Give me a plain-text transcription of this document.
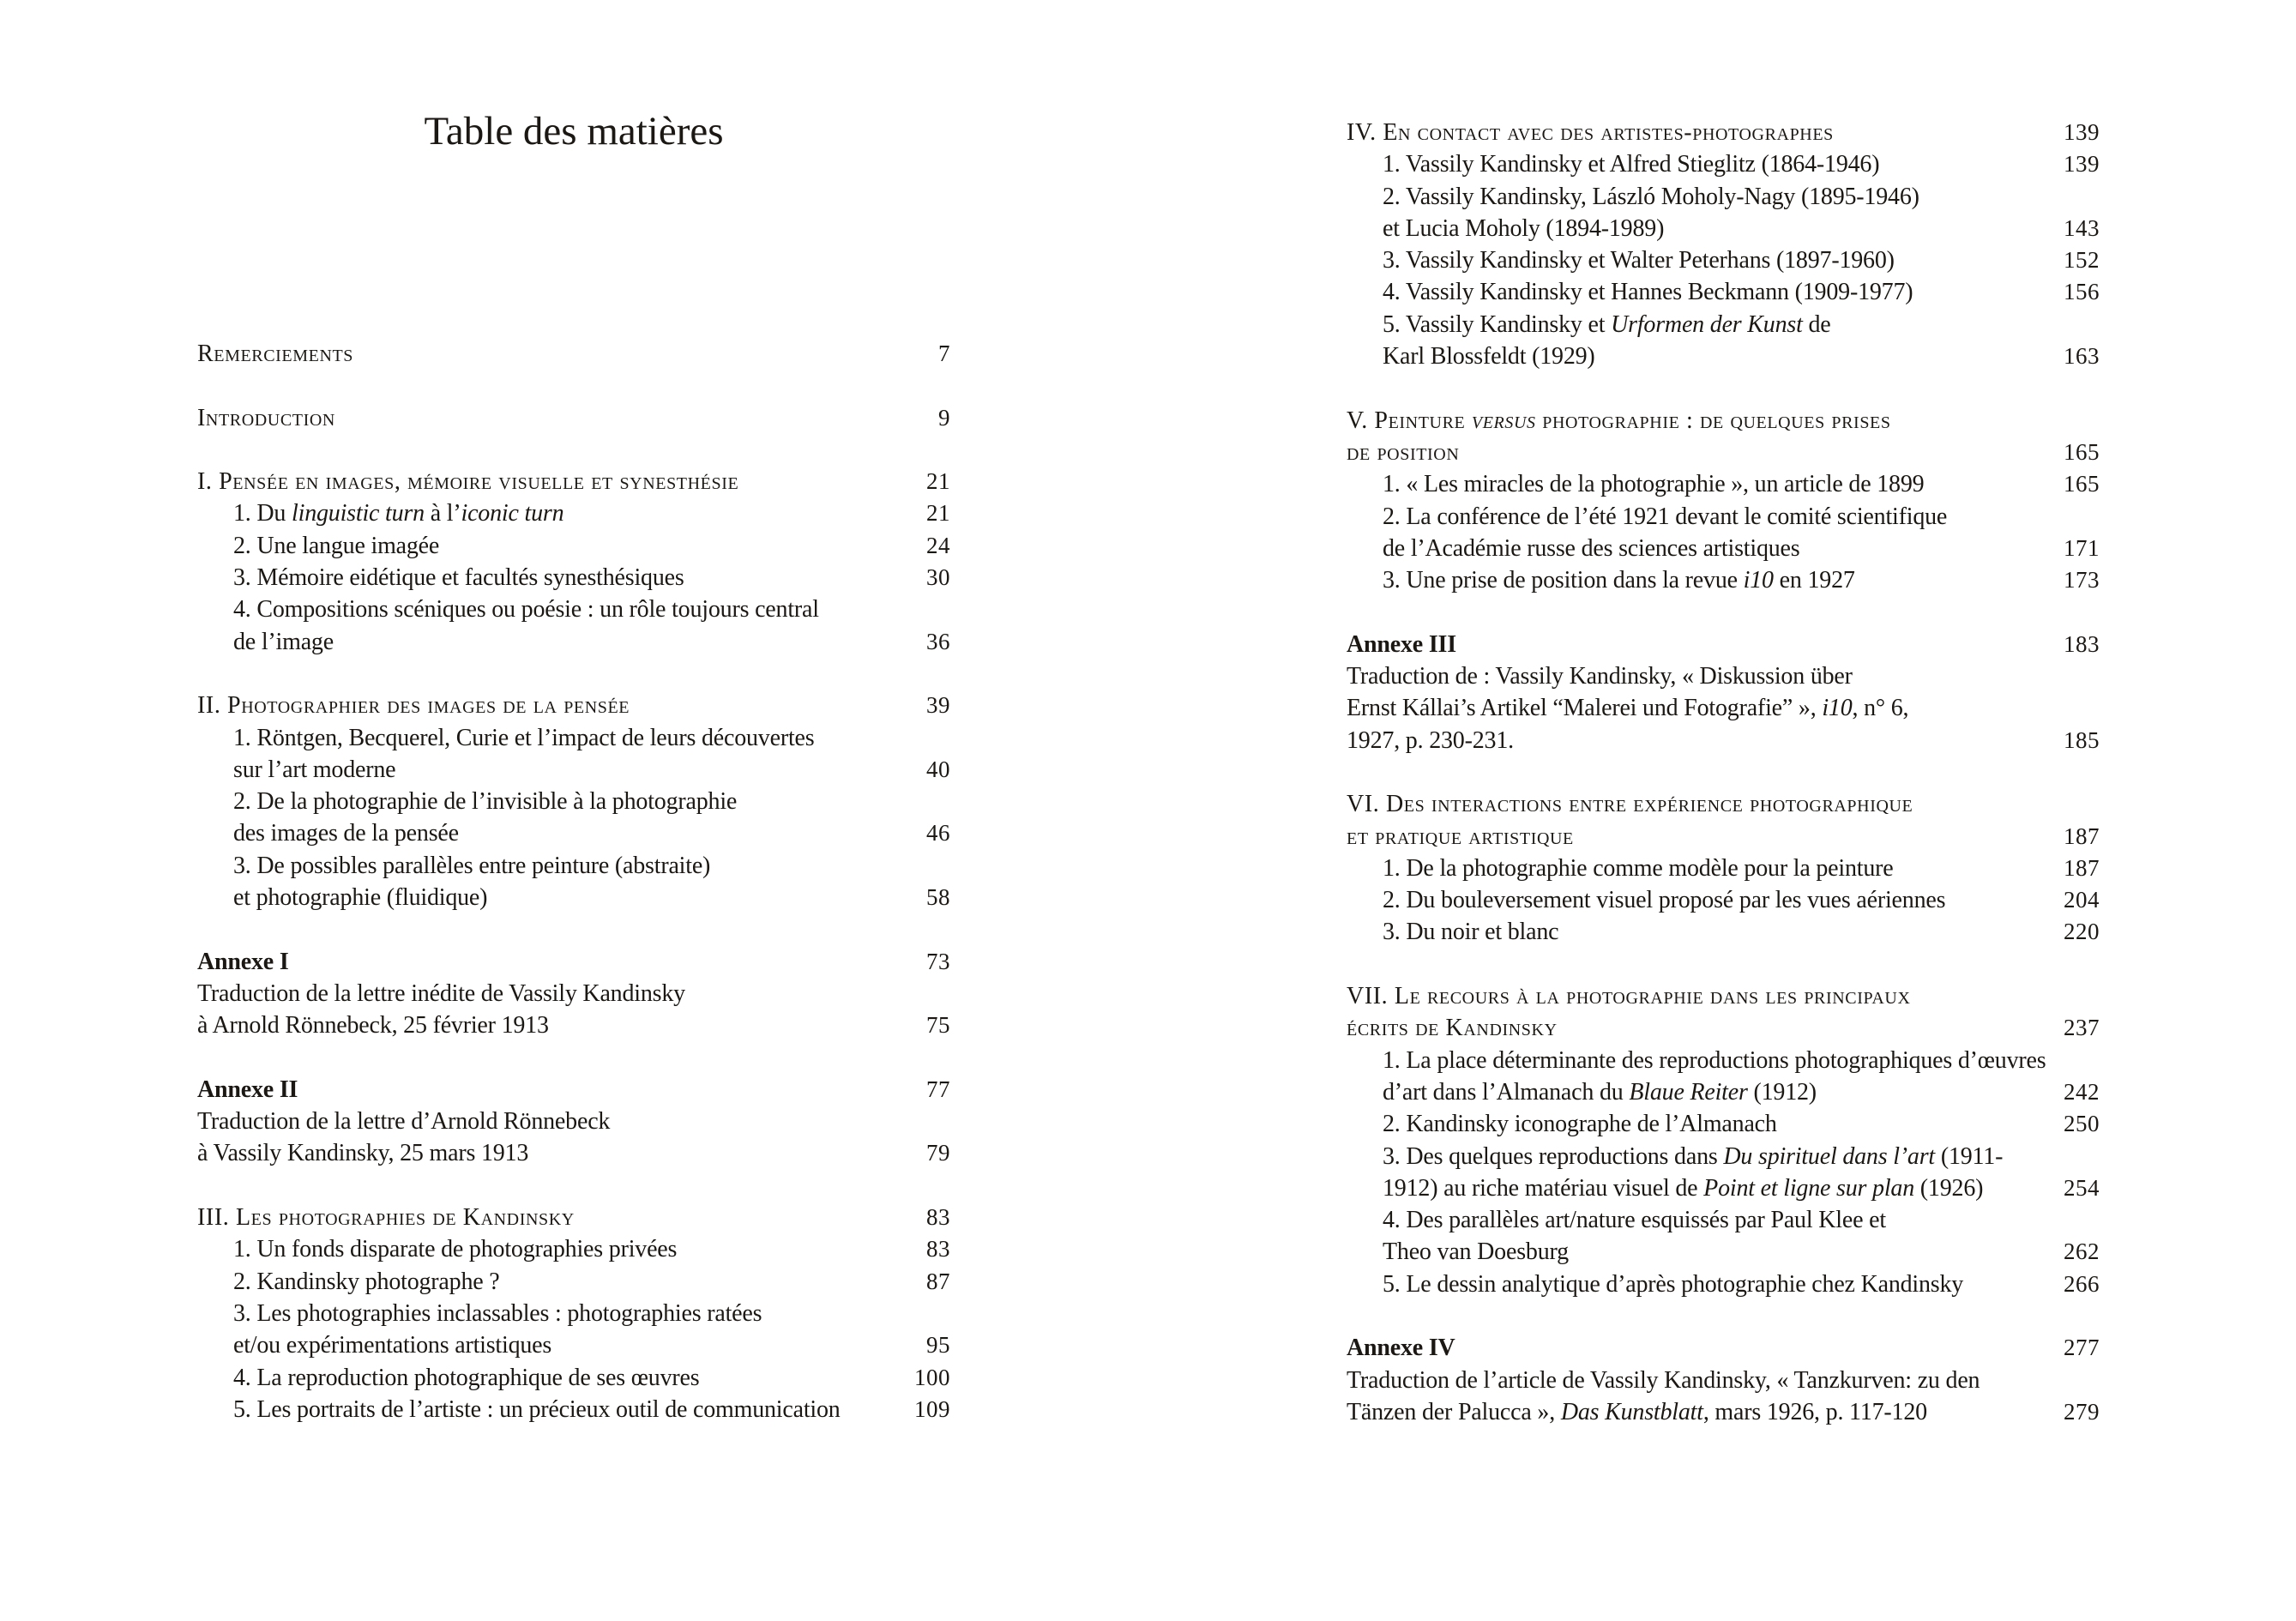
Table des matières
Remerciements	7
Introduction	9
I. Pensée en images, mémoire visuelle et synesthésie	21
1. Du linguistic turn à l’iconic turn	21
2. Une langue imagée	24
3. Mémoire eidétique et facultés synesthésiques	30
4. Compositions scéniques ou poésie : un rôle toujours central
de l’image	36
II. Photographier des images de la pensée	39
1. Röntgen, Becquerel, Curie et l’impact de leurs découvertes
sur l’art moderne	40
2. De la photographie de l’invisible à la photographie
des images de la pensée	46
3. De possibles parallèles entre peinture (abstraite)
et photographie (fluidique)	58
Annexe I	73
Traduction de la lettre inédite de Vassily Kandinsky
à Arnold Rönnebeck, 25 février 1913	75
Annexe II	77
Traduction de la lettre d’Arnold Rönnebeck
à Vassily Kandinsky, 25 mars 1913	79
III. Les photographies de Kandinsky	83
1. Un fonds disparate de photographies privées	83
2. Kandinsky photographe ?	87
3. Les photographies inclassables : photographies ratées
et/ou expérimentations artistiques	95
4. La reproduction photographique de ses œuvres	100
5. Les portraits de l’artiste : un précieux outil de communication	109
IV. En contact avec des artistes-photographes	139
1. Vassily Kandinsky et Alfred Stieglitz (1864-1946)	139
2. Vassily Kandinsky, László Moholy-Nagy (1895-1946)
et Lucia Moholy (1894-1989)	143
3. Vassily Kandinsky et Walter Peterhans (1897-1960)	152
4. Vassily Kandinsky et Hannes Beckmann (1909-1977)	156
5. Vassily Kandinsky et Urformen der Kunst de
Karl Blossfeldt (1929)	163
V. Peinture versus photographie : de quelques prises
de position	165
1. « Les miracles de la photographie », un article de 1899	165
2. La conférence de l’été 1921 devant le comité scientifique
de l’Académie russe des sciences artistiques	171
3. Une prise de position dans la revue i10 en 1927	173
Annexe III	183
Traduction de : Vassily Kandinsky, « Diskussion über
Ernst Kállai’s Artikel “Malerei und Fotografie” », i10, n° 6,
1927, p. 230-231.	185
VI. Des interactions entre expérience photographique
et pratique artistique	187
1. De la photographie comme modèle pour la peinture	187
2. Du bouleversement visuel proposé par les vues aériennes	204
3. Du noir et blanc	220
VII. Le recours à la photographie dans les principaux
écrits de Kandinsky	237
1. La place déterminante des reproductions photographiques d’œuvres
d’art dans l’Almanach du Blaue Reiter (1912)	242
2. Kandinsky iconographe de l’Almanach	250
3. Des quelques reproductions dans Du spirituel dans l’art (1911-
1912) au riche matériau visuel de Point et ligne sur plan (1926)	254
4. Des parallèles art/nature esquissés par Paul Klee et
Theo van Doesburg	262
5. Le dessin analytique d’après photographie chez Kandinsky	266
Annexe IV	277
Traduction de l’article de Vassily Kandinsky, « Tanzkurven: zu den
Tänzen der Palucca », Das Kunstblatt, mars 1926, p. 117-120	279
